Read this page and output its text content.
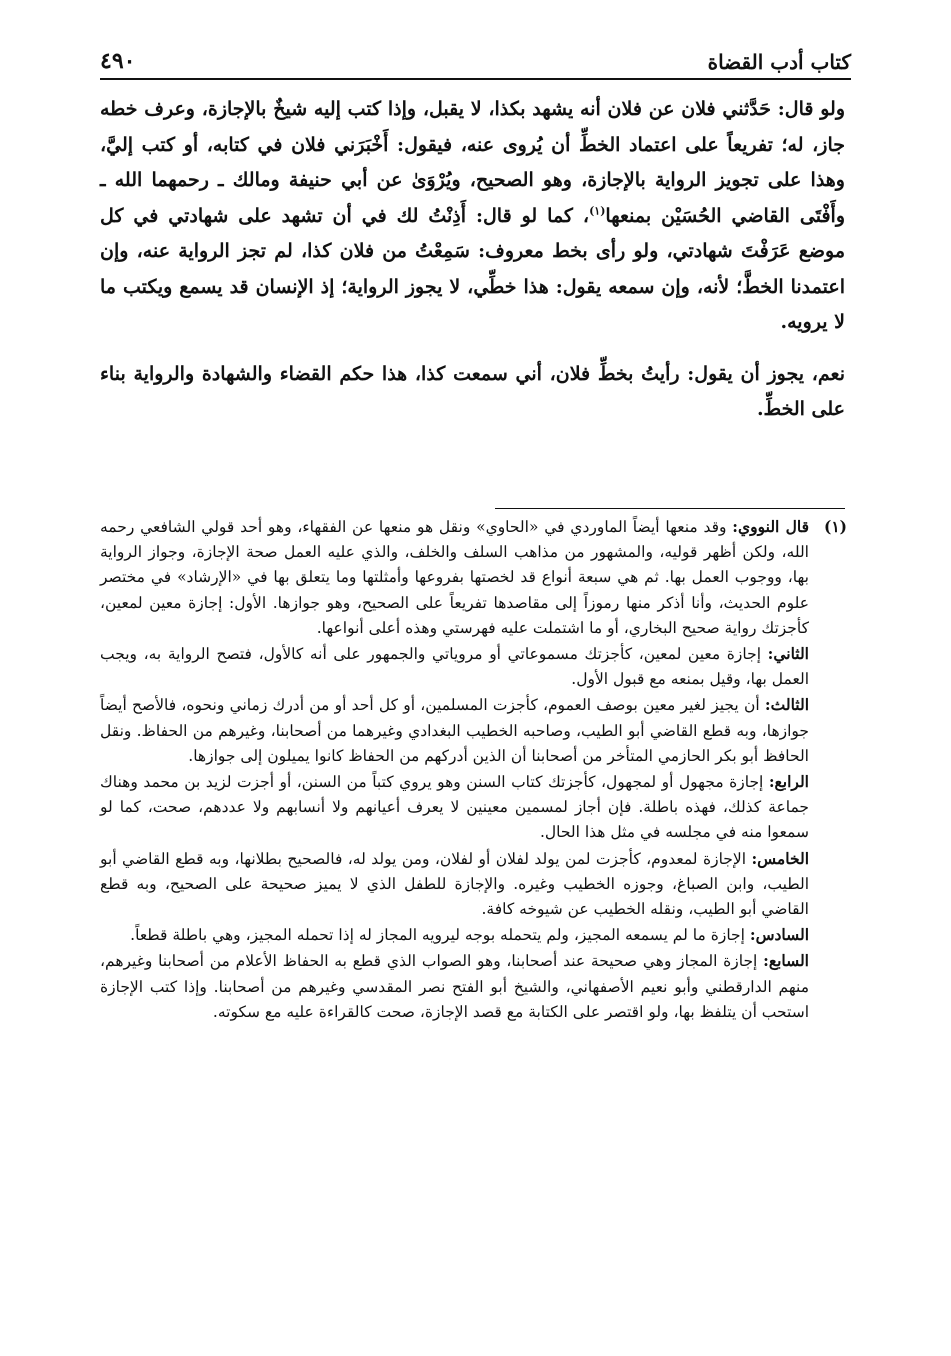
كتاب أدب القضاة
٤٩٠

ولو قال: حَدَّثني فلان عن فلان أنه يشهد بكذا، لا يقبل، وإذا كتب إليه شيخٌ بالإجازة، وعرف خطه جاز، له؛ تفريعاً على اعتماد الخطِّ أن يُروى عنه، فيقول: أَخْبَرَني فلان في كتابه، أو كتب إليَّ، وهذا على تجويز الرواية بالإجازة، وهو الصحيح، ويُرْوَىٰ عن أبي حنيفة ومالك ـ رحمهما الله ـ وأَفْتَى القاضي الحُسَيْن بمنعها$^{(١)}$، كما لو قال: أَذِنْتُ لك في أن تشهد على شهادتي في كل موضع عَرَفْتَ شهادتي، ولو رأى بخط معروف: سَمِعْتُ من فلان كذا، لم تجز الرواية عنه، وإن اعتمدنا الخطَّ؛ لأنه، وإن سمعه يقول: هذا خطِّي، لا يجوز الرواية؛ إذ الإنسان قد يسمع ويكتب ما لا يرويه.

نعم، يجوز أن يقول: رأيتُ بخطِّ فلان، أني سمعت كذا، هذا حكم القضاء والشهادة والرواية بناء على الخطِّ.

(١)

قال النووي: وقد منعها أيضاً الماوردي في «الحاوي» ونقل هو منعها عن الفقهاء، وهو أحد قولي الشافعي رحمه الله، ولكن أظهر قوليه، والمشهور من مذاهب السلف والخلف، والذي عليه العمل صحة الإجازة، وجواز الرواية بها، ووجوب العمل بها. ثم هي سبعة أنواع قد لخصتها بفروعها وأمثلتها وما يتعلق بها في «الإرشاد» في مختصر علوم الحديث، وأنا أذكر منها رموزاً إلى مقاصدها تفريعاً على الصحيح، وهو جوازها. الأول: إجازة معين لمعين، كأجزتك رواية صحيح البخاري، أو ما اشتملت عليه فهرستي وهذه أعلى أنواعها.

الثاني: إجازة معين لمعين، كأجزتك مسموعاتي أو مروياتي والجمهور على أنه كالأول، فتصح الرواية به، ويجب العمل بها، وقيل بمنعه مع قبول الأول.

الثالث: أن يجيز لغير معين بوصف العموم، كأجزت المسلمين، أو كل أحد أو من أدرك زماني ونحوه، فالأصح أيضاً جوازها، وبه قطع القاضي أبو الطيب، وصاحبه الخطيب البغدادي وغيرهما من أصحابنا، وغيرهم من الحفاظ. ونقل الحافظ أبو بكر الحازمي المتأخر من أصحابنا أن الذين أدركهم من الحفاظ كانوا يميلون إلى جوازها.

الرابع: إجازة مجهول أو لمجهول، كأجزتك كتاب السنن وهو يروي كتباً من السنن، أو أجزت لزيد بن محمد وهناك جماعة كذلك، فهذه باطلة. فإن أجاز لمسمين معينين لا يعرف أعيانهم ولا أنسابهم ولا عددهم، صحت، كما لو سمعوا منه في مجلسه في مثل هذا الحال.

الخامس: الإجازة لمعدوم، كأجزت لمن يولد لفلان أو لفلان، ومن يولد له، فالصحيح بطلانها، وبه قطع القاضي أبو الطيب، وابن الصباغ، وجوزه الخطيب وغيره. والإجازة للطفل الذي لا يميز صحيحة على الصحيح، وبه قطع القاضي أبو الطيب، ونقله الخطيب عن شيوخه كافة.

السادس: إجازة ما لم يسمعه المجيز، ولم يتحمله بوجه ليرويه المجاز له إذا تحمله المجيز، وهي باطلة قطعاً.

السابع: إجازة المجاز وهي صحيحة عند أصحابنا، وهو الصواب الذي قطع به الحفاظ الأعلام من أصحابنا وغيرهم، منهم الدارقطني وأبو نعيم الأصفهاني، والشيخ أبو الفتح نصر المقدسي وغيرهم من أصحابنا. وإذا كتب الإجازة استحب أن يتلفظ بها، ولو اقتصر على الكتابة مع قصد الإجازة، صحت كالقراءة عليه مع سكوته.
